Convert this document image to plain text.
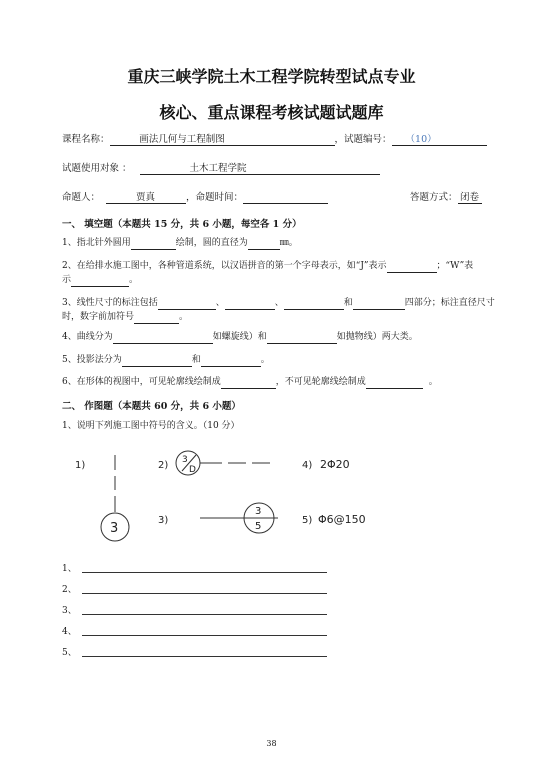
重庆三峡学院土木工程学院转型试点专业
核心、重点课程考核试题试题库
课程名称：	画法几何与工程制图	，试题编号： （10）
试题使用对象 ：	土木工程学院
命题人：	贾真	，命题时间：	答题方式： 闭卷
一、 填空题（本题共 15 分，共 6 小题，每空各 1 分）
1、指北针外圆用	绘制，圆的直径为	㎜。
2、在给排水施工图中，各种管道系统，以汉语拼音的第一个字母表示，如“J”表示	；“W”表
示	。
3、线性尺寸的标注包括	、	、	和	四部分；标注直径尺寸
时，数字前加符号	。
4、曲线分为	如螺旋线）和	如抛物线）两大类。
5、投影法分为	和	。
6、在形体的视图中，可见轮廓线绘制成	，不可见轮廓线绘制成	。
二、 作图题（本题共 60 分，共 6 小题）
1、说明下列施工图中符号的含义。（10 分）
1)	2)
3)
4)
5)
3
3
D
3
5
2Φ20
Φ6@150
1、
2、
3、
4、
5、
38
